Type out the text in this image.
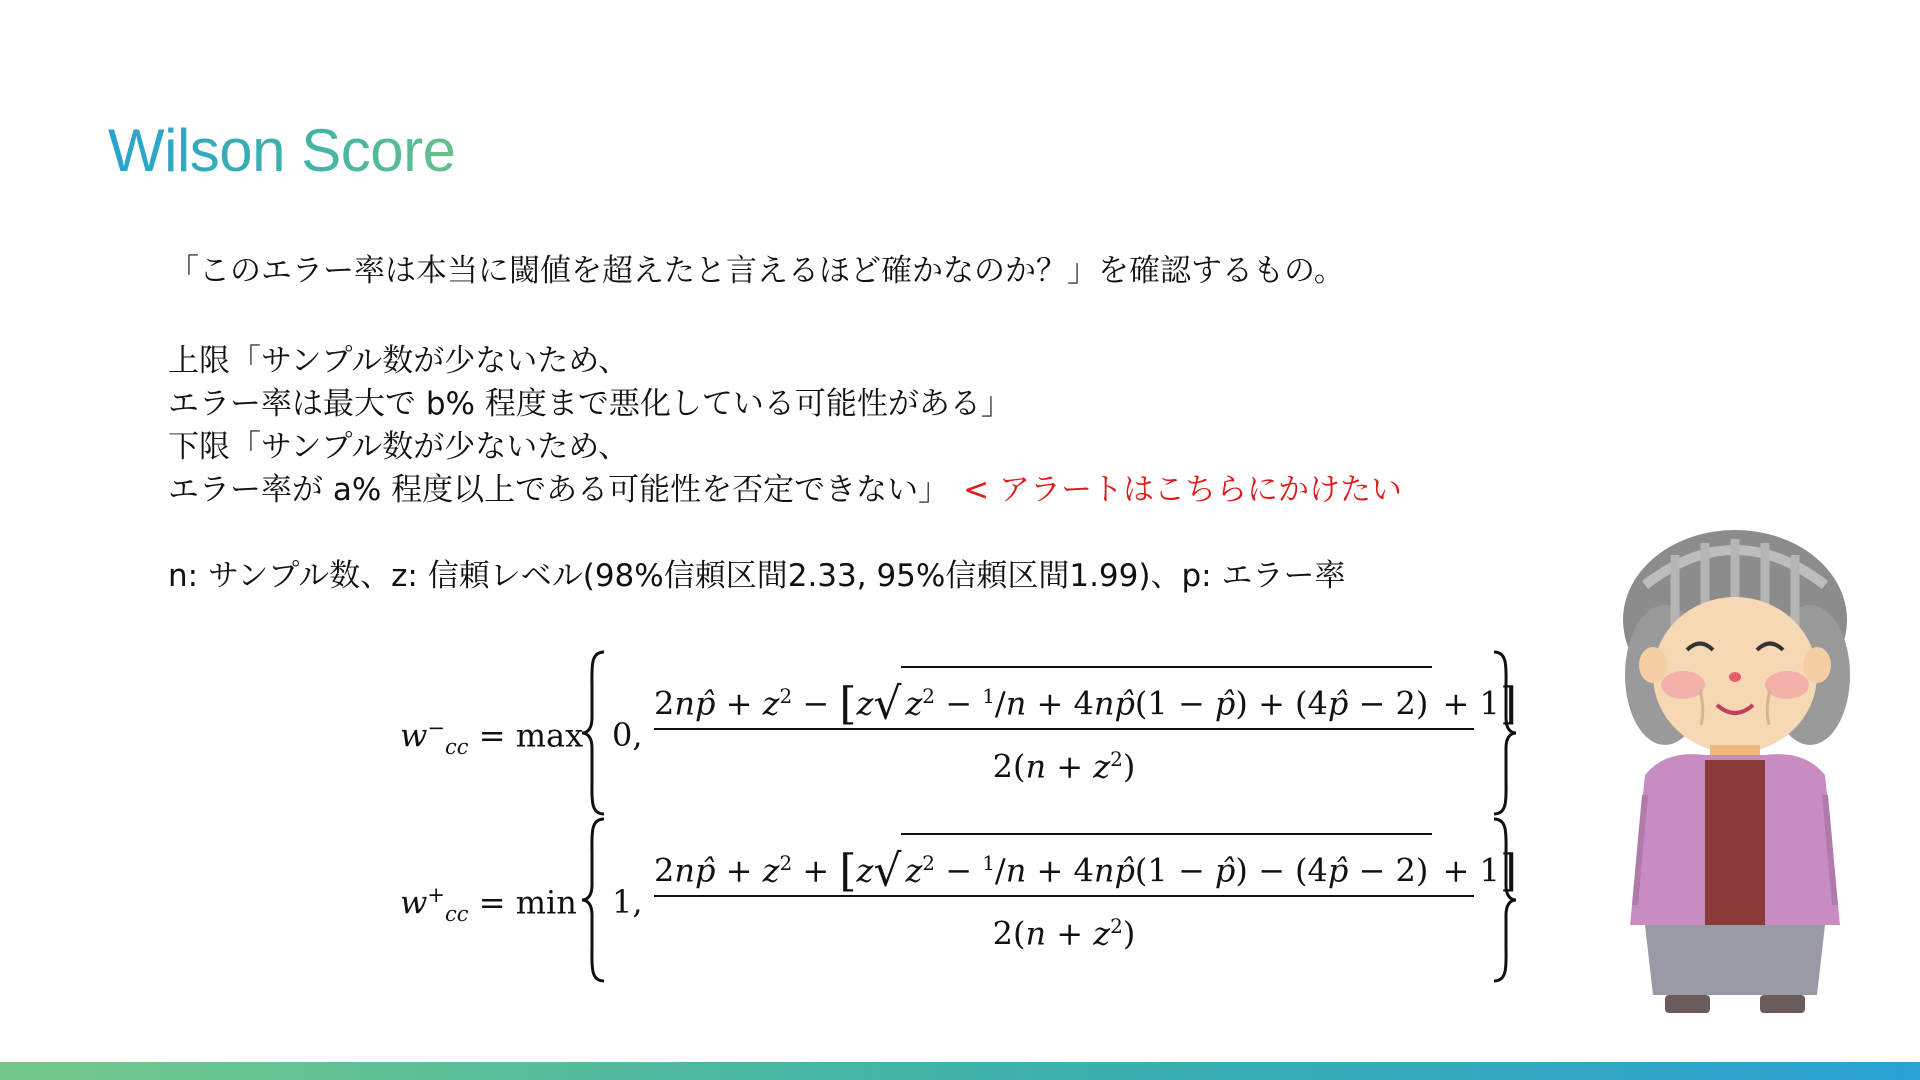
Wilson Score
「このエラー率は本当に閾値を超えたと言えるほど確かなのか？」を確認するもの。
上限「サンプル数が少ないため、
エラー率は最大で b% 程度まで悪化している可能性がある」
下限「サンプル数が少ないため、
エラー率が a% 程度以上である可能性を否定できない」 < アラートはこちらにかけたい
n: サンプル数、z: 信頼レベル(98%信頼区間2.33, 95%信頼区間1.99)、p: エラー率
$w^-_{cc} = \max 0$,
2np̂ + $z^2 - [z√$ $z^2 - ^1/n$ + 4np̂(1 − p̂) + (4p̂ − 2) + 1]
$2(n + z^2)$
$w^+_{cc} = \min 1$,
2np̂ + $z^2 + [z√$ $z^2 - ^1/n$ + 4np̂(1 − p̂) − (4p̂ − 2) + 1]
$2(n + z^2)$
